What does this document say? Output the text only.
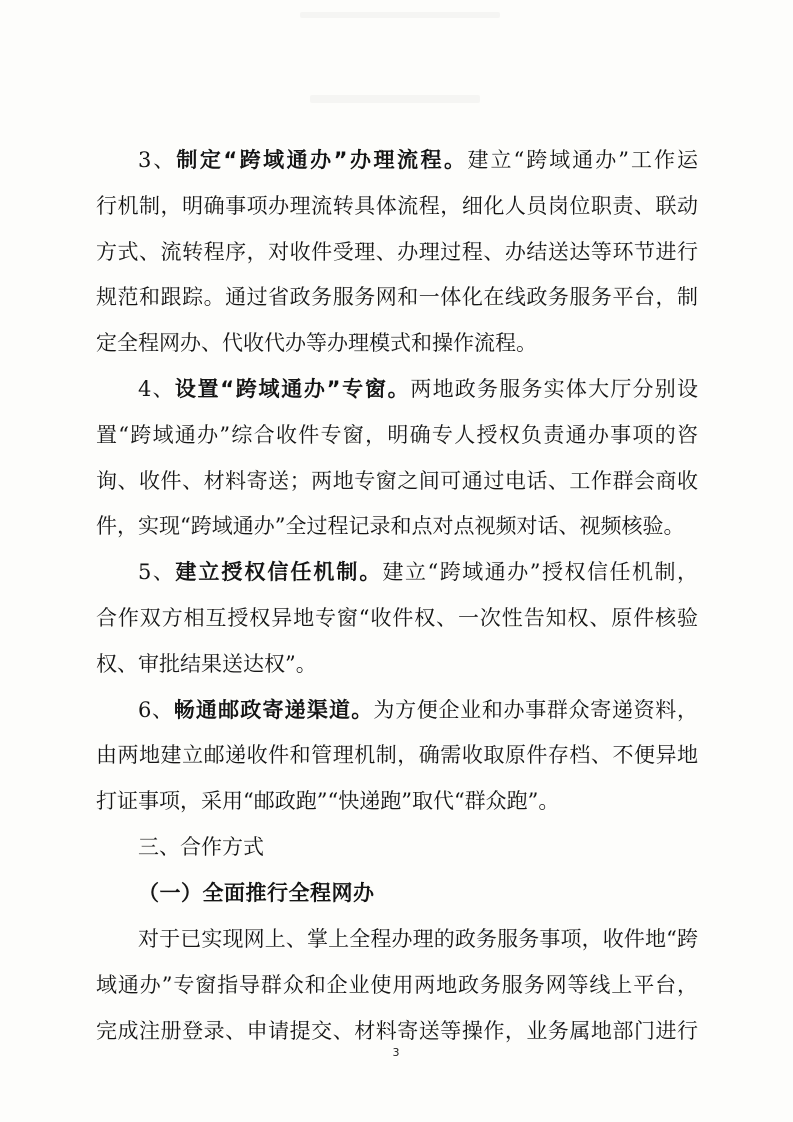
3、制定“跨域通办”办理流程。建立“跨域通办”工作运
行机制，明确事项办理流转具体流程，细化人员岗位职责、联动
方式、流转程序，对收件受理、办理过程、办结送达等环节进行
规范和跟踪。通过省政务服务网和一体化在线政务服务平台，制
定全程网办、代收代办等办理模式和操作流程。
4、设置“跨域通办”专窗。两地政务服务实体大厅分别设
置“跨域通办”综合收件专窗，明确专人授权负责通办事项的咨
询、收件、材料寄送；两地专窗之间可通过电话、工作群会商收
件，实现“跨域通办”全过程记录和点对点视频对话、视频核验。
5、建立授权信任机制。建立“跨域通办”授权信任机制，
合作双方相互授权异地专窗“收件权、一次性告知权、原件核验
权、审批结果送达权”。
6、畅通邮政寄递渠道。为方便企业和办事群众寄递资料，
由两地建立邮递收件和管理机制，确需收取原件存档、不便异地
打证事项，采用“邮政跑”“快递跑”取代“群众跑”。
三、合作方式
（一）全面推行全程网办
对于已实现网上、掌上全程办理的政务服务事项，收件地“跨
域通办”专窗指导群众和企业使用两地政务服务网等线上平台，
完成注册登录、申请提交、材料寄送等操作，业务属地部门进行
3
